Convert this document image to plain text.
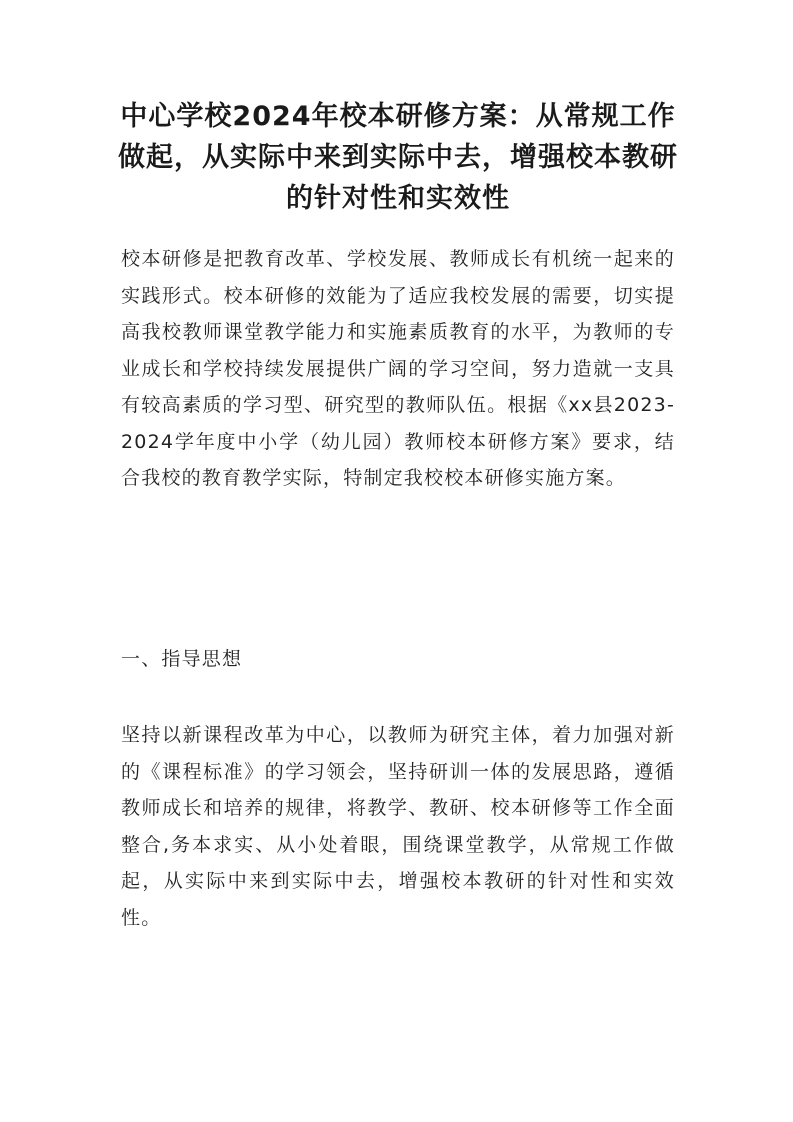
中心学校2024年校本研修方案：从常规工作做起，从实际中来到实际中去，增强校本教研的针对性和实效性

校本研修是把教育改革、学校发展、教师成长有机统一起来的实践形式。校本研修的效能为了适应我校发展的需要，切实提高我校教师课堂教学能力和实施素质教育的水平，为教师的专业成长和学校持续发展提供广阔的学习空间，努力造就一支具有较高素质的学习型、研究型的教师队伍。根据《xx县2023-2024学年度中小学（幼儿园）教师校本研修方案》要求，结合我校的教育教学实际，特制定我校校本研修实施方案。

一、指导思想

坚持以新课程改革为中心，以教师为研究主体，着力加强对新的《课程标准》的学习领会，坚持研训一体的发展思路，遵循教师成长和培养的规律，将教学、教研、校本研修等工作全面整合,务本求实、从小处着眼，围绕课堂教学，从常规工作做起，从实际中来到实际中去，增强校本教研的针对性和实效性。
